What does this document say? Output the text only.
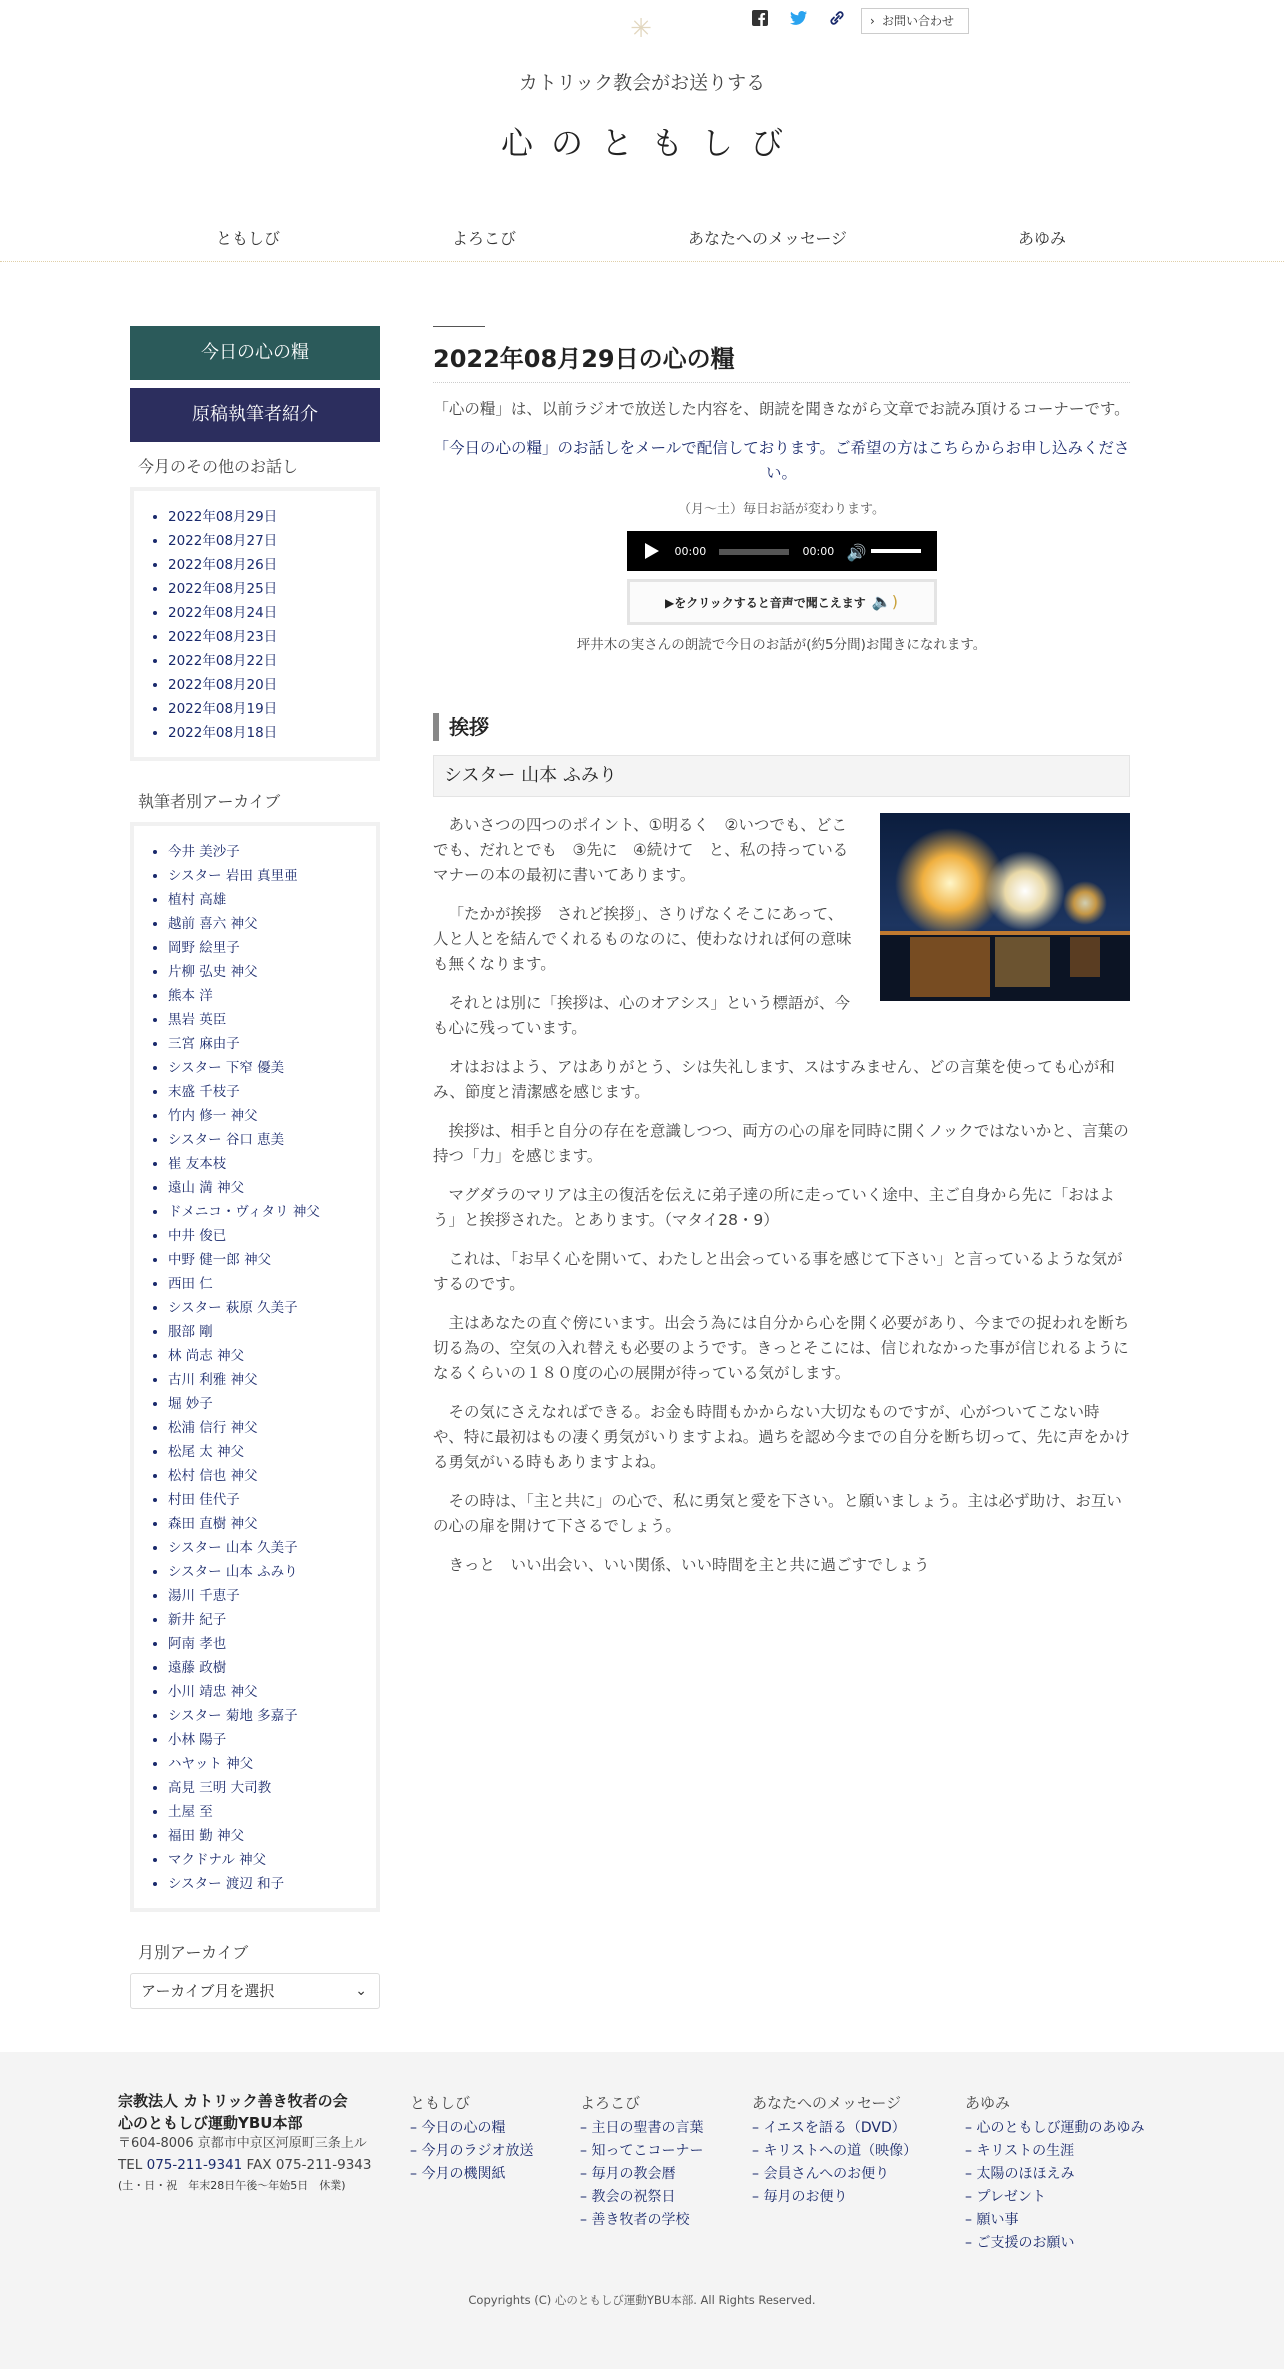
✳	› お問い合わせ
カトリック教会がお送りする
心のともしび
ともしび	よろこび	あなたへのメッセージ	あゆみ
今日の心の糧
原稿執筆者紹介
今月のその他のお話し
• 2022年08月29日
• 2022年08月27日
• 2022年08月26日
• 2022年08月25日
• 2022年08月24日
• 2022年08月23日
• 2022年08月22日
• 2022年08月20日
• 2022年08月19日
• 2022年08月18日
執筆者別アーカイブ
• 今井 美沙子
• シスター 岩田 真里亜
• 植村 高雄
• 越前 喜六 神父
• 岡野 絵里子
• 片柳 弘史 神父
• 熊本 洋
• 黒岩 英臣
• 三宮 麻由子
• シスター 下窄 優美
• 末盛 千枝子
• 竹内 修一 神父
• シスター 谷口 恵美
• 崔 友本枝
• 遠山 満 神父
• ドメニコ・ヴィタリ 神父
• 中井 俊已
• 中野 健一郎 神父
• 西田 仁
• シスター 萩原 久美子
• 服部 剛
• 林 尚志 神父
• 古川 利雅 神父
• 堀 妙子
• 松浦 信行 神父
• 松尾 太 神父
• 松村 信也 神父
• 村田 佳代子
• 森田 直樹 神父
• シスター 山本 久美子
• シスター 山本 ふみり
• 湯川 千恵子
• 新井 紀子
• 阿南 孝也
• 遠藤 政樹
• 小川 靖忠 神父
• シスター 菊地 多嘉子
• 小林 陽子
• ハヤット 神父
• 高見 三明 大司教
• 土屋 至
• 福田 勤 神父
• マクドナル 神父
• シスター 渡辺 和子
月別アーカイブ
アーカイブ月を選択	⌄
2022年08月29日の心の糧

「心の糧」は、以前ラジオで放送した内容を、朗読を聞きながら文章でお読み頂けるコーナーです。

「今日の心の糧」のお話しをメールで配信しております。ご希望の方はこちらからお申し込みください。

（月～土）毎日お話が変わります。

00:00	00:00 🔊
▶をクリックすると音声で聞こえます 🔈)

坪井木の実さんの朗読で今日のお話が(約5分間)お聞きになれます。

挨拶
シスター 山本 ふみり

あいさつの四つのポイント、①明るく　②いつでも、どこでも、だれとでも　③先に　④続けて　と、私の持っているマナーの本の最初に書いてあります。

「たかが挨拶　されど挨拶」、さりげなくそこにあって、人と人とを結んでくれるものなのに、使わなければ何の意味も無くなります。

それとは別に「挨拶は、心のオアシス」という標語が、今も心に残っています。

オはおはよう、アはありがとう、シは失礼します、スはすみません、どの言葉を使っても心が和み、節度と清潔感を感じます。

挨拶は、相手と自分の存在を意識しつつ、両方の心の扉を同時に開くノックではないかと、言葉の持つ「力」を感じます。

マグダラのマリアは主の復活を伝えに弟子達の所に走っていく途中、主ご自身から先に「おはよう」と挨拶された。とあります。（マタイ28・9）

これは、「お早く心を開いて、わたしと出会っている事を感じて下さい」と言っているような気がするのです。

主はあなたの直ぐ傍にいます。出会う為には自分から心を開く必要があり、今までの捉われを断ち切る為の、空気の入れ替えも必要のようです。きっとそこには、信じれなかった事が信じれるようになるくらいの１８０度の心の展開が待っている気がします。

その気にさえなればできる。お金も時間もかからない大切なものですが、心がついてこない時や、特に最初はもの凄く勇気がいりますよね。過ちを認め今までの自分を断ち切って、先に声をかける勇気がいる時もありますよね。

その時は、「主と共に」の心で、私に勇気と愛を下さい。と願いましょう。主は必ず助け、お互いの心の扉を開けて下さるでしょう。

きっと　いい出会い、いい関係、いい時間を主と共に過ごすでしょう

宗教法人 カトリック善き牧者の会
心のともしび運動YBU本部
〒604-8006 京都市中京区河原町三条上ル
TEL 075-211-9341 FAX 075-211-9343
(土・日・祝　年末28日午後〜年始5日　休業)
ともしび
– 今日の心の糧
– 今月のラジオ放送
– 今月の機関紙
よろこび
– 主日の聖書の言葉
– 知ってこコーナー
– 毎月の教会暦
– 教会の祝祭日
– 善き牧者の学校
あなたへのメッセージ
– イエスを語る（DVD）
– キリストへの道（映像）
– 会員さんへのお便り
– 毎月のお便り
あゆみ
– 心のともしび運動のあゆみ
– キリストの生涯
– 太陽のほほえみ
– プレゼント
– 願い事
– ご支援のお願い
Copyrights (C) 心のともしび運動YBU本部. All Rights Reserved.
